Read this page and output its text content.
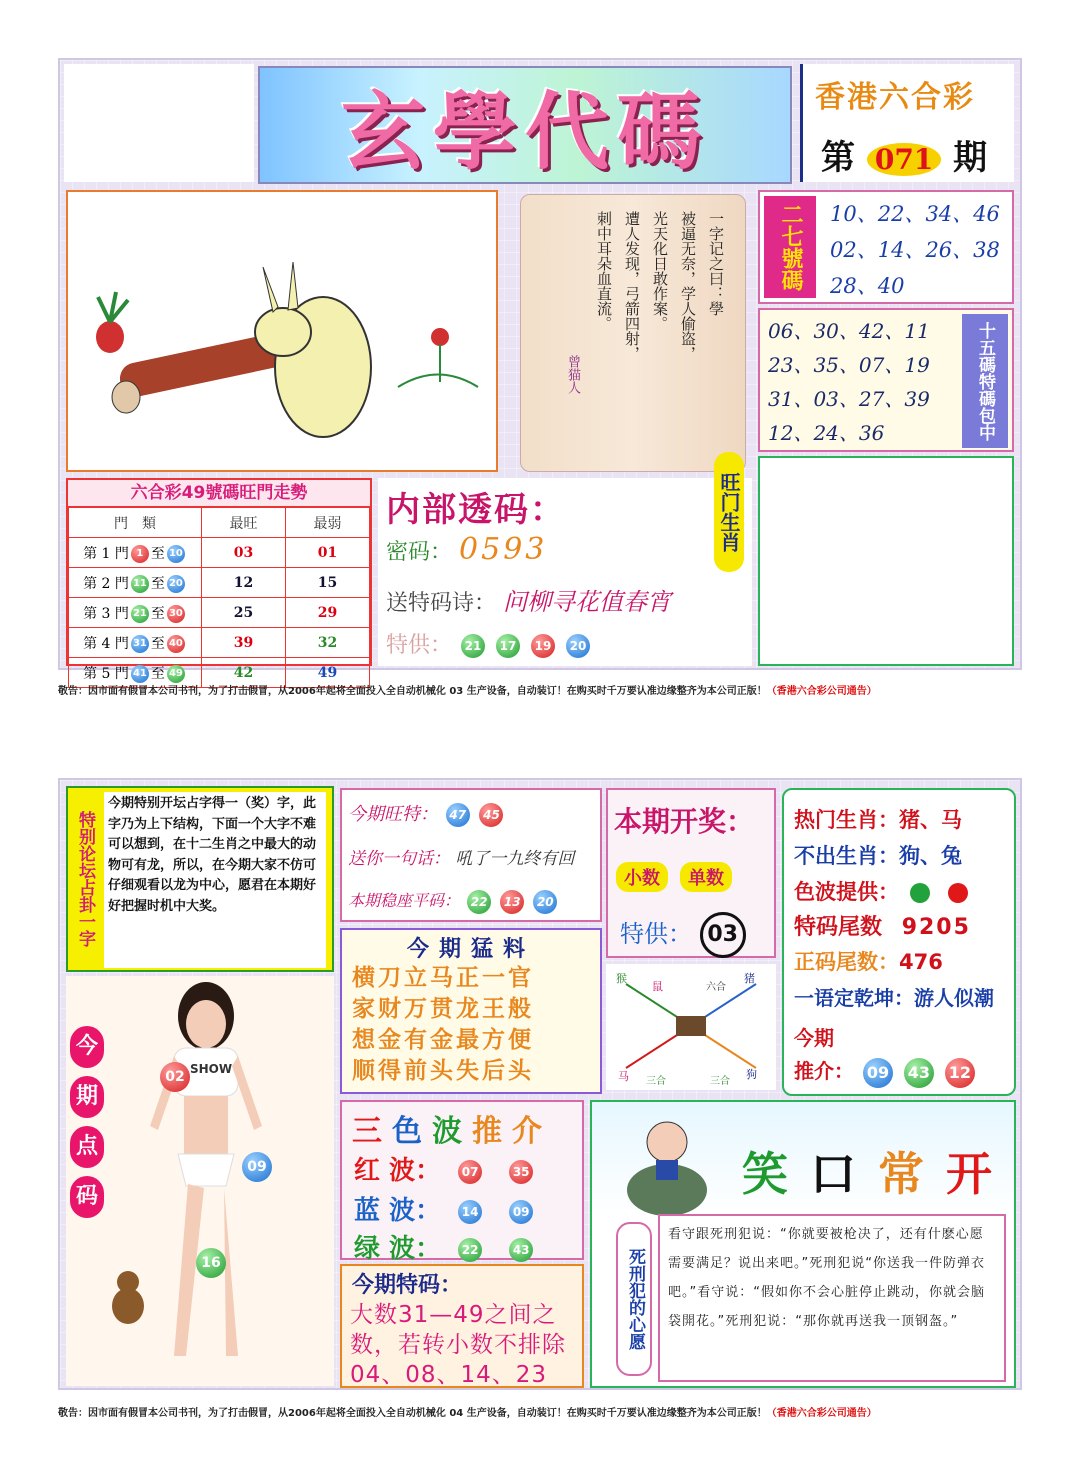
玄學代碼	香港六合彩
第 071 期
一字记之曰：學
被逼无奈，学人偷盗，
光天化日敢作案。
遭人发现，弓箭四射，
刺中耳朵血直流。
曾猫人
二七號碼	10、22、34、46
02、14、26、38
28、40
06、30、42、11
23、35、07、19
31、03、27、39
12、24、36	十五碼特碼包中
六合彩49號碼旺門走勢
門　類	最旺	最弱
第 1 門 1 至 10	03	01
第 2 門 11 至 20	12	15
第 3 門 21 至 30	25	29
第 4 門 31 至 40	39	32
第 5 門 41 至 49	42	49
内部透码：
密码： 0593
送特码诗： 问柳寻花值春宵
特供： 21 17 19 20
旺门生肖
敬告：因市面有假冒本公司书刊，为了打击假冒，从2006年起将全面投入全自动机械化 03 生产设备，自动装订！在购买时千万要认准边缘整齐为本公司正版！（香港六合彩公司通告）
特别论坛占卦一字
今期特别开坛占字得一（奖）字，此字乃为上下结构，下面一个大字不难可以想到，在十二生肖之中最大的动物可有龙，所以，在今期大家不仿可仔细观看以龙为中心，愿君在本期好好把握时机中大奖。
今
期
点
码
02 SHOW
09
16
今期旺特： 47 45
送你一句话： 吼了一九终有回
本期稳座平码： 22 13 20
本期开奖：
小数	单数
特供： 03
热门生肖：猪、马
不出生肖：狗、兔
色波提供：
特码尾数 9205
正码尾数：476
一语定乾坤：游人似潮
今期
推介： 09 43 12
今期猛料
横刀立马正一官
家财万贯龙王般
想金有金最方便
顺得前头失后头
猴
鼠	六合
猪
马 三合	三合
狗
三色波推介
红 波： 07	35
蓝 波： 14	09
绿 波： 22	43
今期特码：
大数31—49之间之数，若转小数不排除04、08、14、23
笑口常开
死刑犯的心愿
看守跟死刑犯说：“你就要被枪决了，还有什麽心愿需要满足？说出来吧。”死刑犯说“你送我一件防弹衣吧。”看守说：“假如你不会心脏停止跳动，你就会脑袋開花。”死刑犯说：“那你就再送我一顶钢盔。”
敬告：因市面有假冒本公司书刊，为了打击假冒，从2006年起将全面投入全自动机械化 04 生产设备，自动装订！在购买时千万要认准边缘整齐为本公司正版！（香港六合彩公司通告）
